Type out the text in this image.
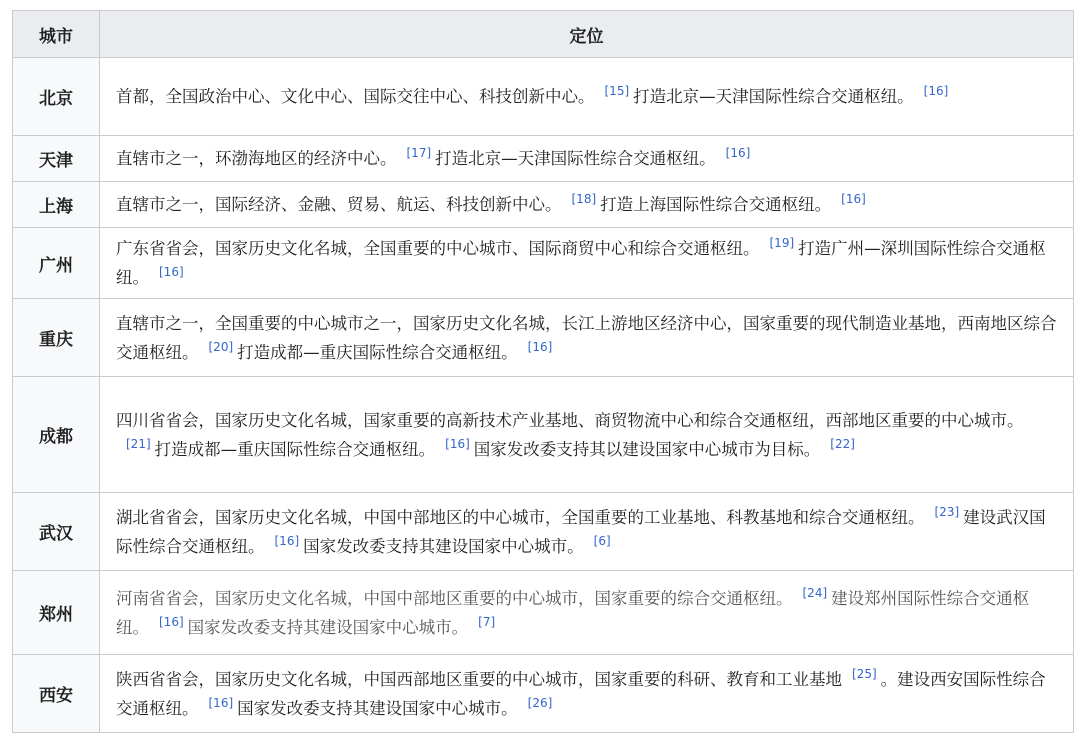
城市	定位
北京	首都，全国政治中心、文化中心、国际交往中心、科技创新中心。 [15] 打造北京—天津国际性综合交通枢纽。 [16]
天津	直辖市之一，环渤海地区的经济中心。 [17] 打造北京—天津国际性综合交通枢纽。 [16]
上海	直辖市之一，国际经济、金融、贸易、航运、科技创新中心。 [18] 打造上海国际性综合交通枢纽。 [16]
广州	广东省省会，国家历史文化名城，全国重要的中心城市、国际商贸中心和综合交通枢纽。 [19] 打造广州—深圳国际性综合交通枢纽。 [16]
重庆	直辖市之一，全国重要的中心城市之一，国家历史文化名城，长江上游地区经济中心，国家重要的现代制造业基地，西南地区综合交通枢纽。 [20] 打造成都—重庆国际性综合交通枢纽。 [16]
成都	四川省省会，国家历史文化名城，国家重要的高新技术产业基地、商贸物流中心和综合交通枢纽，西部地区重要的中心城市。[21] 打造成都—重庆国际性综合交通枢纽。 [16] 国家发改委支持其以建设国家中心城市为目标。 [22]
武汉	湖北省省会，国家历史文化名城，中国中部地区的中心城市，全国重要的工业基地、科教基地和综合交通枢纽。 [23] 建设武汉国际性综合交通枢纽。 [16] 国家发改委支持其建设国家中心城市。 [6]
郑州	河南省省会，国家历史文化名城，中国中部地区重要的中心城市，国家重要的综合交通枢纽。 [24] 建设郑州国际性综合交通枢纽。 [16] 国家发改委支持其建设国家中心城市。 [7]
西安	陕西省省会，国家历史文化名城，中国西部地区重要的中心城市，国家重要的科研、教育和工业基地 [25] 。建设西安国际性综合交通枢纽。 [16] 国家发改委支持其建设国家中心城市。 [26]
